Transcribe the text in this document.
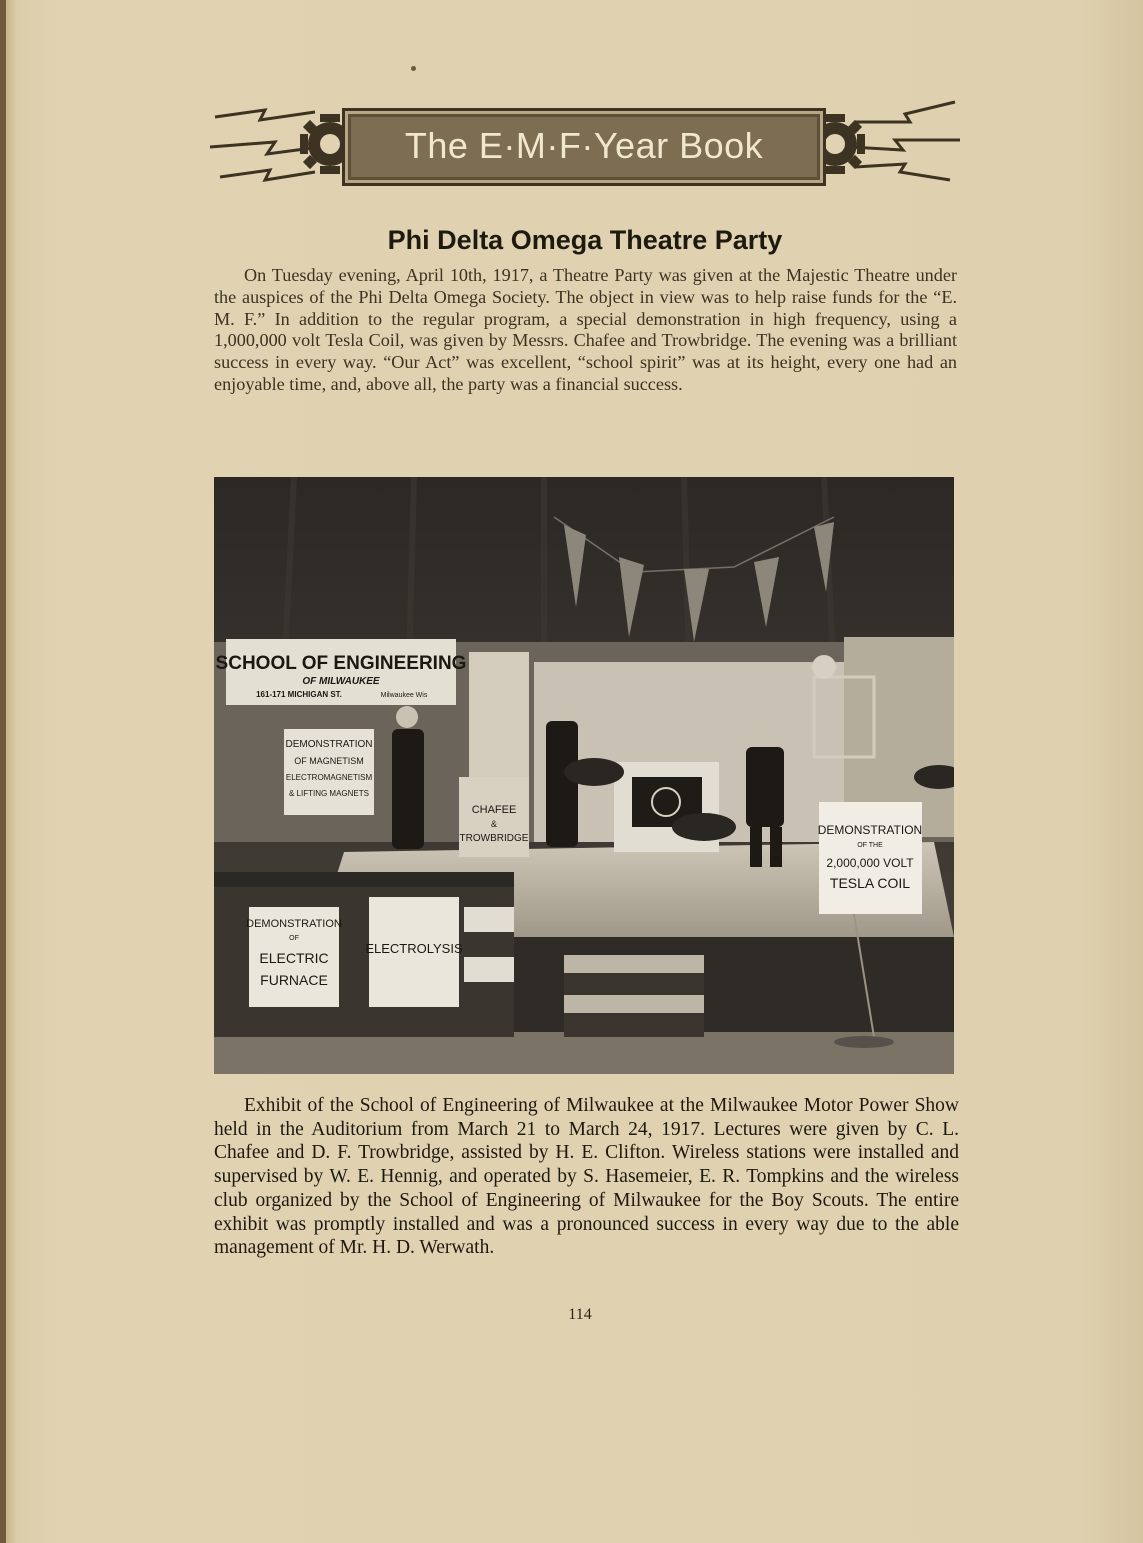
The E·M·F·Year Book
Phi Delta Omega Theatre Party
On Tuesday evening, April 10th, 1917, a Theatre Party was given at the Majestic Theatre under the auspices of the Phi Delta Omega Society. The object in view was to help raise funds for the “E. M. F.” In addition to the regular program, a special demonstration in high frequency, using a 1,000,000 volt Tesla Coil, was given by Messrs. Chafee and Trowbridge. The evening was a brilliant success in every way. “Our Act” was excellent, “school spirit” was at its height, every one had an enjoyable time, and, above all, the party was a financial success.
SCHOOL OF ENGINEERING
OF MILWAUKEE
161-171 MICHIGAN ST.	Milwaukee Wis
DEMONSTRATION
OF MAGNETISM
ELECTROMAGNETISM
& LIFTING MAGNETS
CHAFEE
&
TROWBRIDGE
DEMONSTRATION
OF THE
2,000,000 VOLT
TESLA COIL
DEMONSTRATION
OF
ELECTRIC
FURNACE
ELECTROLYSIS
Exhibit of the School of Engineering of Milwaukee at the Milwaukee Motor Power Show held in the Auditorium from March 21 to March 24, 1917. Lectures were given by C. L. Chafee and D. F. Trowbridge, assisted by H. E. Clifton. Wireless stations were installed and supervised by W. E. Hennig, and operated by S. Hasemeier, E. R. Tompkins and the wireless club organized by the School of Engineering of Milwaukee for the Boy Scouts. The entire exhibit was promptly installed and was a pronounced success in every way due to the able management of Mr. H. D. Werwath.
114
